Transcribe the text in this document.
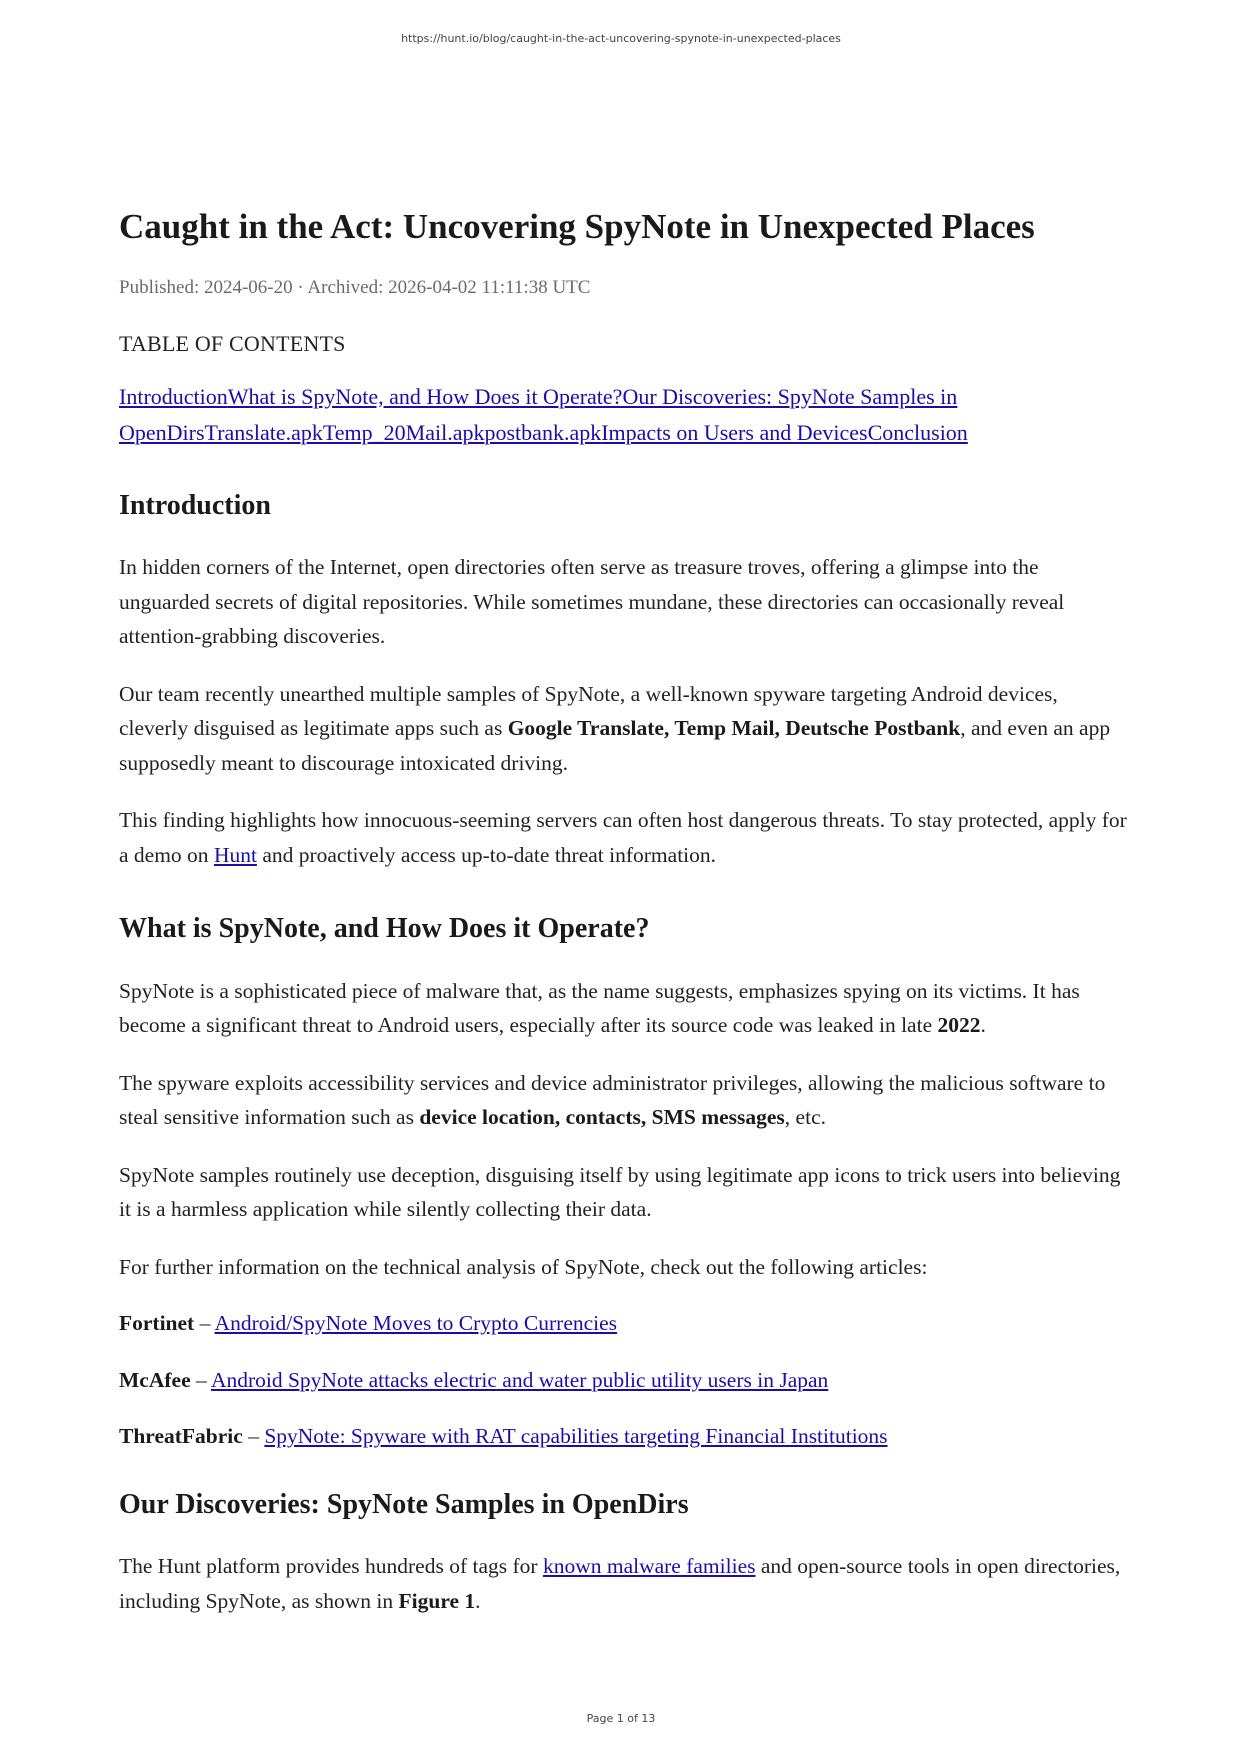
https://hunt.io/blog/caught-in-the-act-uncovering-spynote-in-unexpected-places
Caught in the Act: Uncovering SpyNote in Unexpected Places
Published: 2024-06-20 · Archived: 2026-04-02 11:11:38 UTC
TABLE OF CONTENTS
IntroductionWhat is SpyNote, and How Does it Operate?Our Discoveries: SpyNote Samples in OpenDirsTranslate.apkTemp_20Mail.apkpostbank.apkImpacts on Users and DevicesConclusion
Introduction

In hidden corners of the Internet, open directories often serve as treasure troves, offering a glimpse into the unguarded secrets of digital repositories. While sometimes mundane, these directories can occasionally reveal attention-grabbing discoveries.

Our team recently unearthed multiple samples of SpyNote, a well-known spyware targeting Android devices, cleverly disguised as legitimate apps such as Google Translate, Temp Mail, Deutsche Postbank, and even an app supposedly meant to discourage intoxicated driving.

This finding highlights how innocuous-seeming servers can often host dangerous threats. To stay protected, apply for a demo on Hunt and proactively access up-to-date threat information.

What is SpyNote, and How Does it Operate?

SpyNote is a sophisticated piece of malware that, as the name suggests, emphasizes spying on its victims. It has become a significant threat to Android users, especially after its source code was leaked in late 2022.

The spyware exploits accessibility services and device administrator privileges, allowing the malicious software to steal sensitive information such as device location, contacts, SMS messages, etc.

SpyNote samples routinely use deception, disguising itself by using legitimate app icons to trick users into believing it is a harmless application while silently collecting their data.

For further information on the technical analysis of SpyNote, check out the following articles:

Fortinet – Android/SpyNote Moves to Crypto Currencies

McAfee – Android SpyNote attacks electric and water public utility users in Japan

ThreatFabric – SpyNote: Spyware with RAT capabilities targeting Financial Institutions

Our Discoveries: SpyNote Samples in OpenDirs

The Hunt platform provides hundreds of tags for known malware families and open-source tools in open directories, including SpyNote, as shown in Figure 1.

Page 1 of 13
